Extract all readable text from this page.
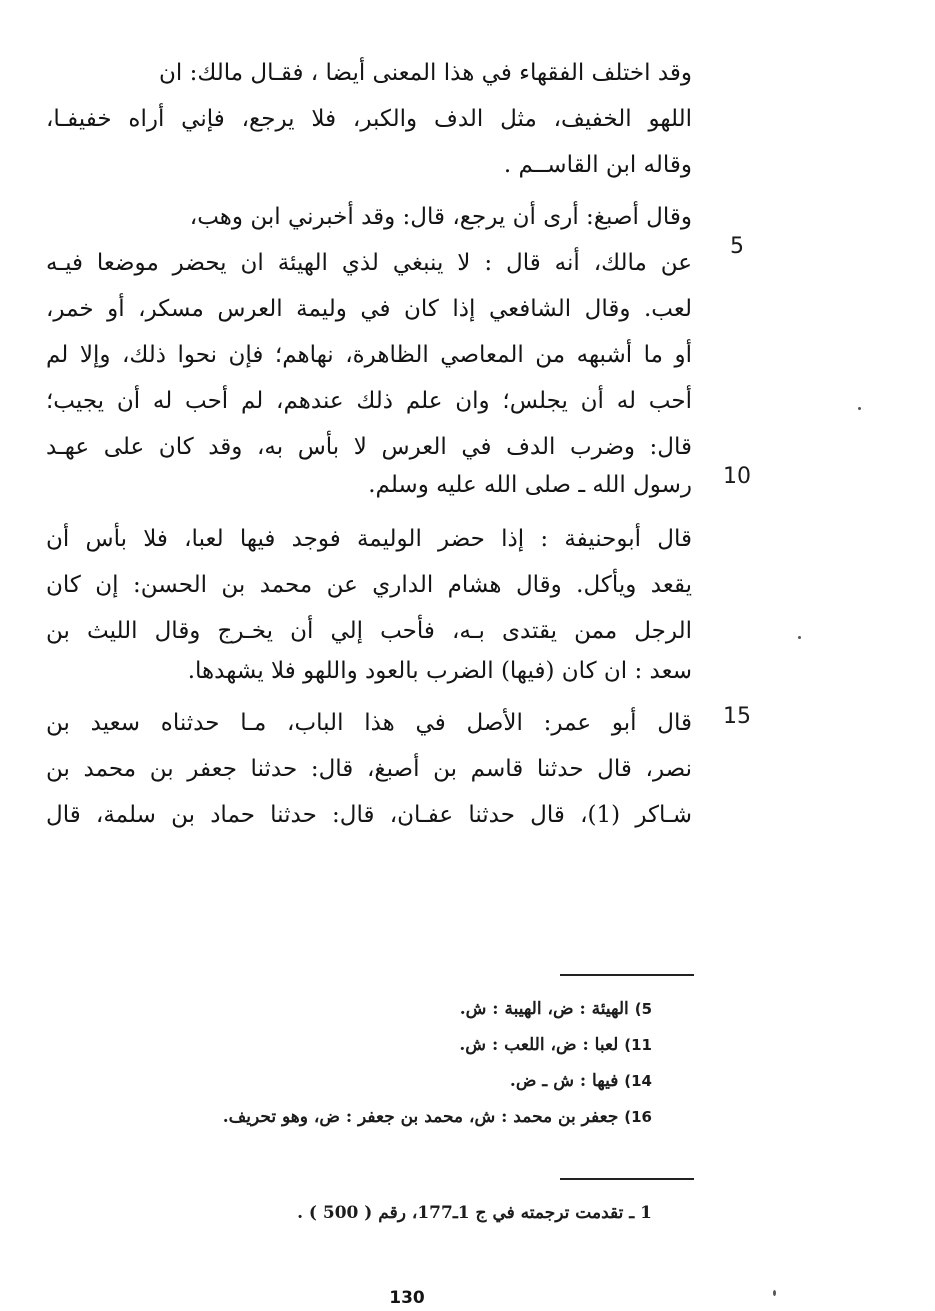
وقد اختلف الفقهاء في هذا المعنى أيضا ، فقـال مالك: ان
اللهو الخفيف، مثل الدف والكبر، فلا يرجع، فإني أراه خفيفـا،
وقاله ابن القاســم .
وقال أصبغ: أرى أن يرجع، قال: وقد أخبرني ابن وهب،
عن مالك، أنه قال : لا ينبغي لذي الهيئة ان يحضر موضعا فيـه
5
لعب. وقال الشافعي إذا كان في وليمة العرس مسكر، أو خمر،
أو ما أشبهه من المعاصي الظاهرة، نهاهم؛ فإن نحوا ذلك، وإلا لم
أحب له أن يجلس؛ وان علم ذلك عندهم، لم أحب له أن يجيب؛
قال: وضرب الدف في العرس لا بأس به، وقد كان على عهـد
رسول الله ـ صلى الله عليه وسلم.	10
قال أبوحنيفة : إذا حضر الوليمة فوجد فيها لعبا، فلا بأس أن
يقعد ويأكل. وقال هشام الداري عن محمد بن الحسن: إن كان
الرجل ممن يقتدى بـه، فأحب إلي أن يخـرج وقال الليث بن
سعد : ان كان (فيها) الضرب بالعود واللهو فلا يشهدها.
قال أبو عمر: الأصل في هذا الباب، مـا حدثناه سعيد بن	15
نصر، قال حدثنا قاسم بن أصبغ، قال: حدثنا جعفر بن محمد بن
شـاكر (1)، قال حدثنا عفـان، قال: حدثنا حماد بن سلمة، قال
5) الهيئة : ض، الهيبة : ش.
11) لعبا : ض، اللعب : ش.
14) فيها : ش ـ ض.
16) جعفر بن محمد : ش، محمد بن جعفر : ض، وهو تحريف.
1 ـ تقدمت ترجمته في ج 1ـ177، رقم ( 500 ) .
130
